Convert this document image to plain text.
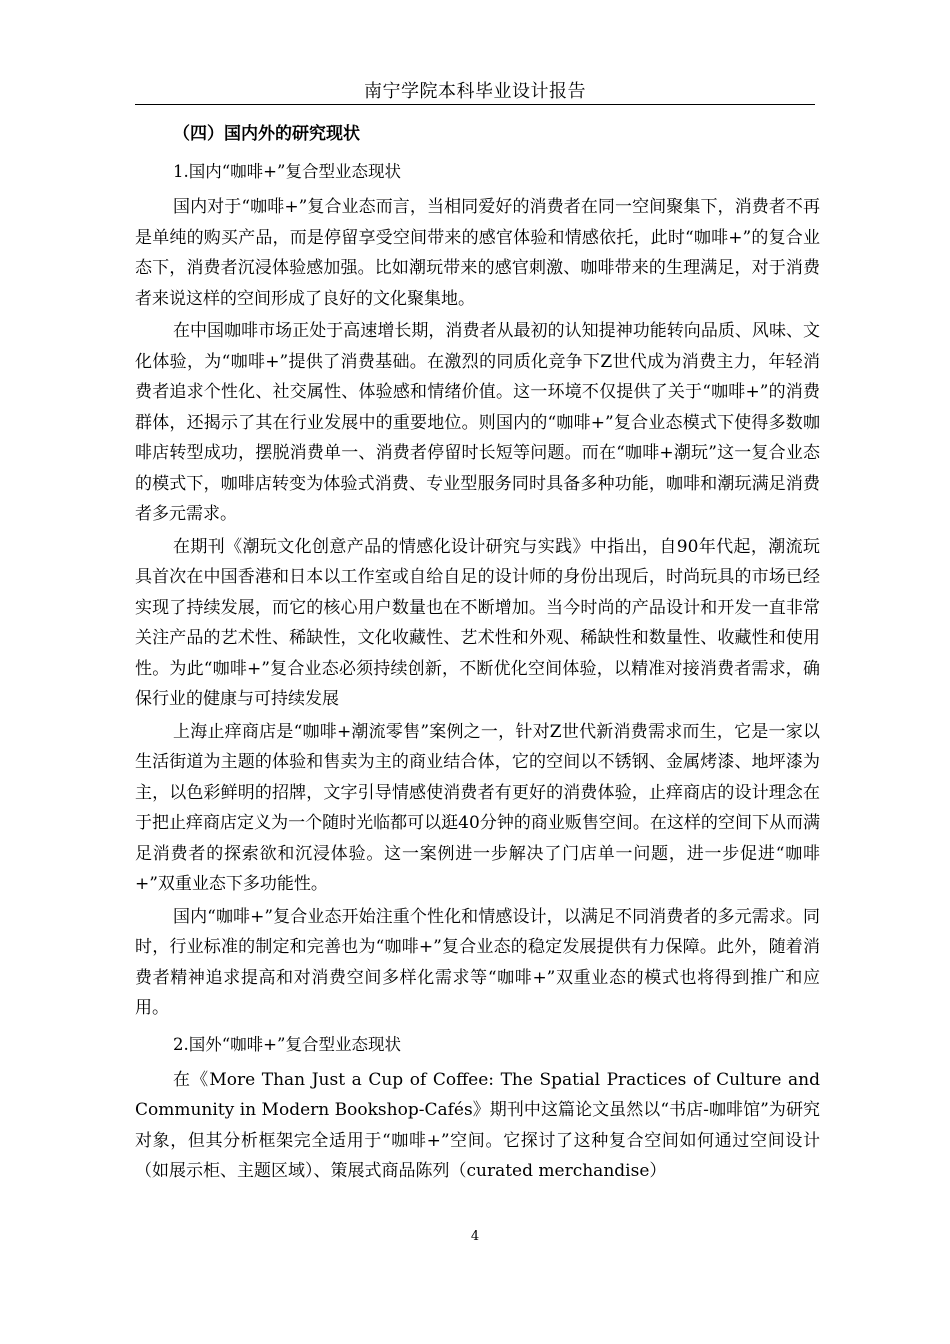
南宁学院本科毕业设计报告
（四）国内外的研究现状
1.国内“咖啡+”复合型业态现状

国内对于“咖啡+”复合业态而言，当相同爱好的消费者在同一空间聚集下，消费者不再是单纯的购买产品，而是停留享受空间带来的感官体验和情感依托，此时“咖啡+”的复合业态下，消费者沉浸体验感加强。比如潮玩带来的感官刺激、咖啡带来的生理满足，对于消费者来说这样的空间形成了良好的文化聚集地。

在中国咖啡市场正处于高速增长期，消费者从最初的认知提神功能转向品质、风味、文化体验，为“咖啡+”提供了消费基础。在激烈的同质化竞争下Z世代成为消费主力，年轻消费者追求个性化、社交属性、体验感和情绪价值。这一环境不仅提供了关于“咖啡+”的消费群体，还揭示了其在行业发展中的重要地位。则国内的“咖啡+”复合业态模式下使得多数咖啡店转型成功，摆脱消费单一、消费者停留时长短等问题。而在“咖啡+潮玩”这一复合业态的模式下，咖啡店转变为体验式消费、专业型服务同时具备多种功能，咖啡和潮玩满足消费者多元需求。

在期刊《潮玩文化创意产品的情感化设计研究与实践》中指出，自90年代起，潮流玩具首次在中国香港和日本以工作室或自给自足的设计师的身份出现后，时尚玩具的市场已经实现了持续发展，而它的核心用户数量也在不断增加。当今时尚的产品设计和开发一直非常关注产品的艺术性、稀缺性，文化收藏性、艺术性和外观、稀缺性和数量性、收藏性和使用性。为此“咖啡+”复合业态必须持续创新，不断优化空间体验，以精准对接消费者需求，确保行业的健康与可持续发展

上海止痒商店是“咖啡+潮流零售”案例之一，针对Z世代新消费需求而生，它是一家以生活街道为主题的体验和售卖为主的商业结合体，它的空间以不锈钢、金属烤漆、地坪漆为主，以色彩鲜明的招牌，文字引导情感使消费者有更好的消费体验，止痒商店的设计理念在于把止痒商店定义为一个随时光临都可以逛40分钟的商业贩售空间。在这样的空间下从而满足消费者的探索欲和沉浸体验。这一案例进一步解决了门店单一问题，进一步促进“咖啡+”双重业态下多功能性。

国内“咖啡+”复合业态开始注重个性化和情感设计，以满足不同消费者的多元需求。同时，行业标准的制定和完善也为“咖啡+”复合业态的稳定发展提供有力保障。此外，随着消费者精神追求提高和对消费空间多样化需求等“咖啡+”双重业态的模式也将得到推广和应用。

2.国外“咖啡+”复合型业态现状

在《More Than Just a Cup of Coffee: The Spatial Practices of Culture and Community in Modern Bookshop-Cafés》期刊中这篇论文虽然以“书店-咖啡馆”为研究对象，但其分析框架完全适用于“咖啡+”空间。它探讨了这种复合空间如何通过空间设计（如展示柜、主题区域）、策展式商品陈列（curated merchandise）

4
